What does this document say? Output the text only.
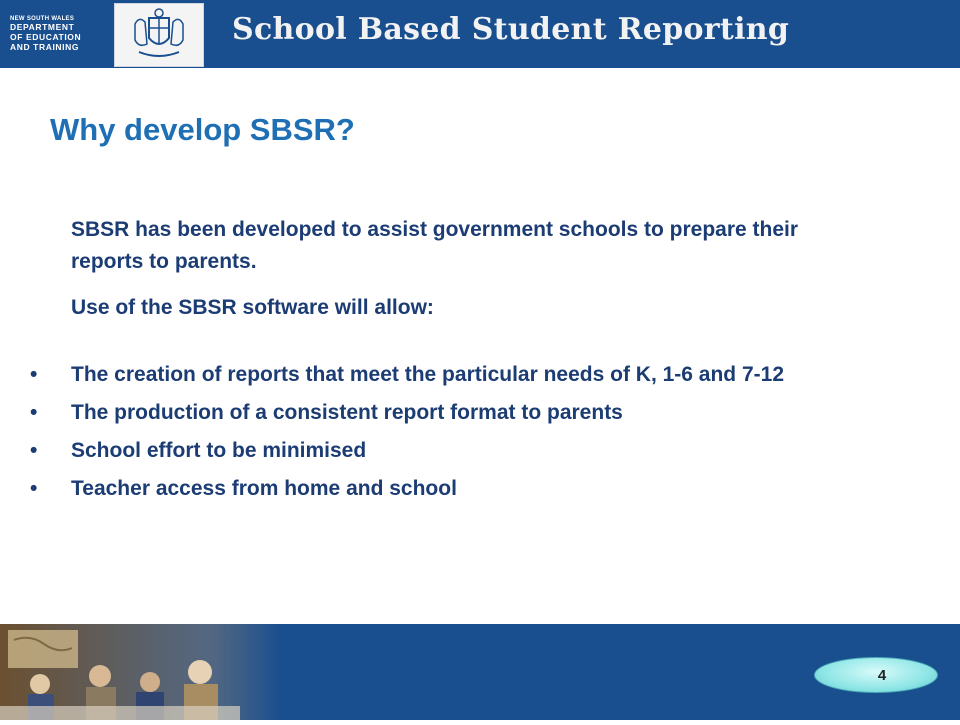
NEW SOUTH WALES
DEPARTMENT
OF EDUCATION
AND TRAINING	School Based Student Reporting
Why develop SBSR?
SBSR has been developed to assist government schools to prepare their reports to parents.
Use of the SBSR software will allow:
• The creation of reports that meet the particular needs of K, 1-6 and 7-12
• The production of a consistent report format to parents
• School effort to be minimised
• Teacher access from home and school
4
